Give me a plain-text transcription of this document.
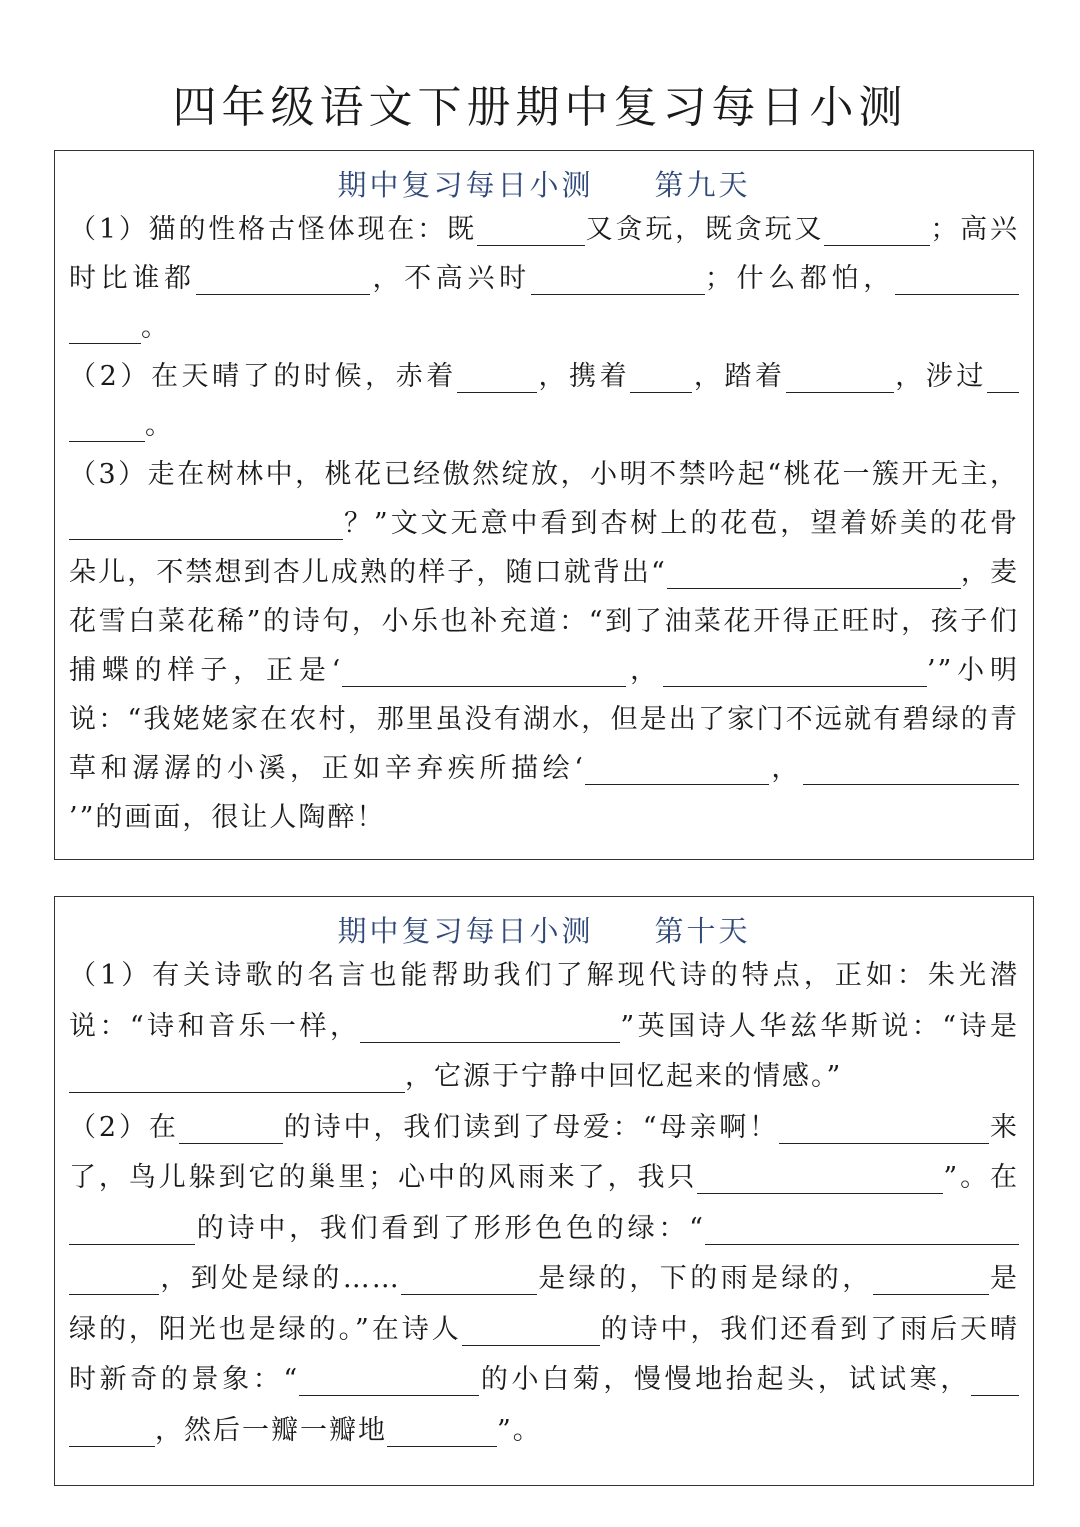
四年级语文下册期中复习每日小测
期中复习每日小测 第九天

（1）猫的性格古怪体现在：既	又贪玩，既贪玩又	；高兴时比谁都	，不高兴时	；什么都怕，。

（2）在天晴了的时候，赤着	，携着 ，踏着	，涉过。

（3）走在树林中，桃花已经傲然绽放，小明不禁吟起“桃花一簇开无主，？”文文无意中看到杏树上的花苞，望着娇美的花骨朵儿，不禁想到杏儿成熟的样子，随口就背出“	，麦花雪白菜花稀”的诗句，小乐也补充道：“到了油菜花开得正旺时，孩子们捕蝶的样子，正是‘	，	’”小明说：“我姥姥家在农村，那里虽没有湖水，但是出了家门不远就有碧绿的青草和潺潺的小溪，正如辛弃疾所描绘‘	，’”的画面，很让人陶醉！

期中复习每日小测 第十天

（1）有关诗歌的名言也能帮助我们了解现代诗的特点，正如：朱光潜说：“诗和音乐一样，	”英国诗人华兹华斯说：“诗是，它源于宁静中回忆起来的情感。”

（2）在	的诗中，我们读到了母爱：“母亲啊！	来了，鸟儿躲到它的巢里；心中的风雨来了，我只	”。在的诗中，我们看到了形形色色的绿：“，到处是绿的……	是绿的，下的雨是绿的，	是绿的，阳光也是绿的。”在诗人	的诗中，我们还看到了雨后天晴时新奇的景象：“	的小白菊，慢慢地抬起头，试试寒，，然后一瓣一瓣地	”。
